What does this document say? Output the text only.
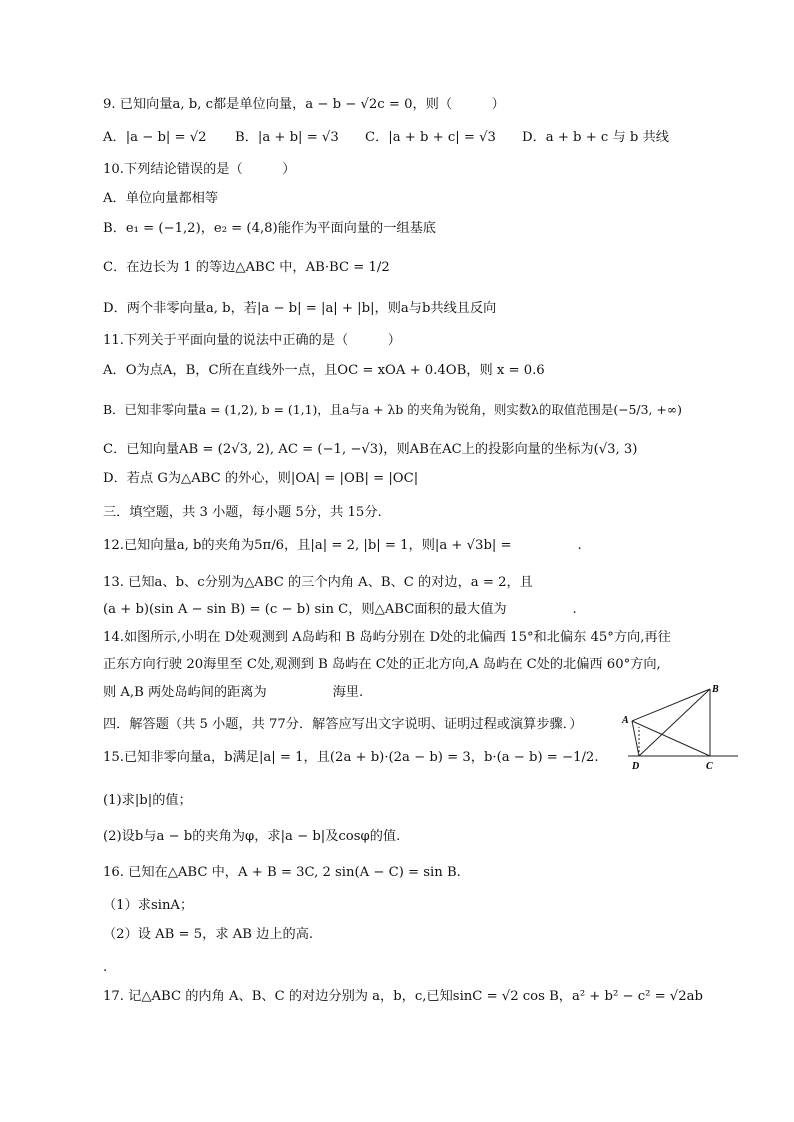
9. 已知向量a, b, c都是单位向量，a − b − √2c = 0，则（　　　）
A．|a − b| = √2 B．|a + b| = √3 C．|a + b + c| = √3 D．a + b + c 与 b 共线
10.下列结论错误的是（　　　）
A．单位向量都相等
B．e₁ = (−1,2)，e₂ = (4,8)能作为平面向量的一组基底
C．在边长为 1 的等边△ABC 中，AB·BC = 1/2
D．两个非零向量a, b，若|a − b| = |a| + |b|，则a与b共线且反向
11.下列关于平面向量的说法中正确的是（　　　）
A．O为点A，B，C所在直线外一点，且OC = xOA + 0.4OB，则 x = 0.6
B．已知非零向量a = (1,2), b = (1,1)，且a与a + λb 的夹角为锐角，则实数λ的取值范围是(−5/3, +∞)
C．已知向量AB = (2√3, 2), AC = (−1, −√3)，则AB在AC上的投影向量的坐标为(√3, 3)
D．若点 G为△ABC 的外心，则|OA| = |OB| = |OC|
三．填空题，共 3 小题，每小题 5分，共 15分.
12.已知向量a, b的夹角为5π/6，且|a| = 2, |b| = 1，则|a + √3b| =　　　　　.
13. 已知a、b、c分别为△ABC 的三个内角 A、B、C 的对边，a = 2，且
(a + b)(sin A − sin B) = (c − b) sin C，则△ABC面积的最大值为　　　　　.
14.如图所示,小明在 D处观测到 A岛屿和 B 岛屿分别在 D处的北偏西 15°和北偏东 45°方向,再往
正东方向行驶 20海里至 C处,观测到 B 岛屿在 C处的正北方向,A 岛屿在 C处的北偏西 60°方向,
则 A,B 两处岛屿间的距离为　　　　　海里.
四．解答题（共 5 小题，共 77分．解答应写出文字说明、证明过程或演算步骤．）	A
B
C
D
15.已知非零向量a，b满足|a| = 1，且(2a + b)·(2a − b) = 3，b·(a − b) = −1/2.
(1)求|b|的值；
(2)设b与a − b的夹角为φ，求|a − b|及cosφ的值.
16. 已知在△ABC 中，A + B = 3C, 2 sin(A − C) = sin B.
（1）求sinA；
（2）设 AB = 5，求 AB 边上的高.
.
17. 记△ABC 的内角 A、B、C 的对边分别为 a，b，c,已知sinC = √2 cos B，a² + b² − c² = √2ab
